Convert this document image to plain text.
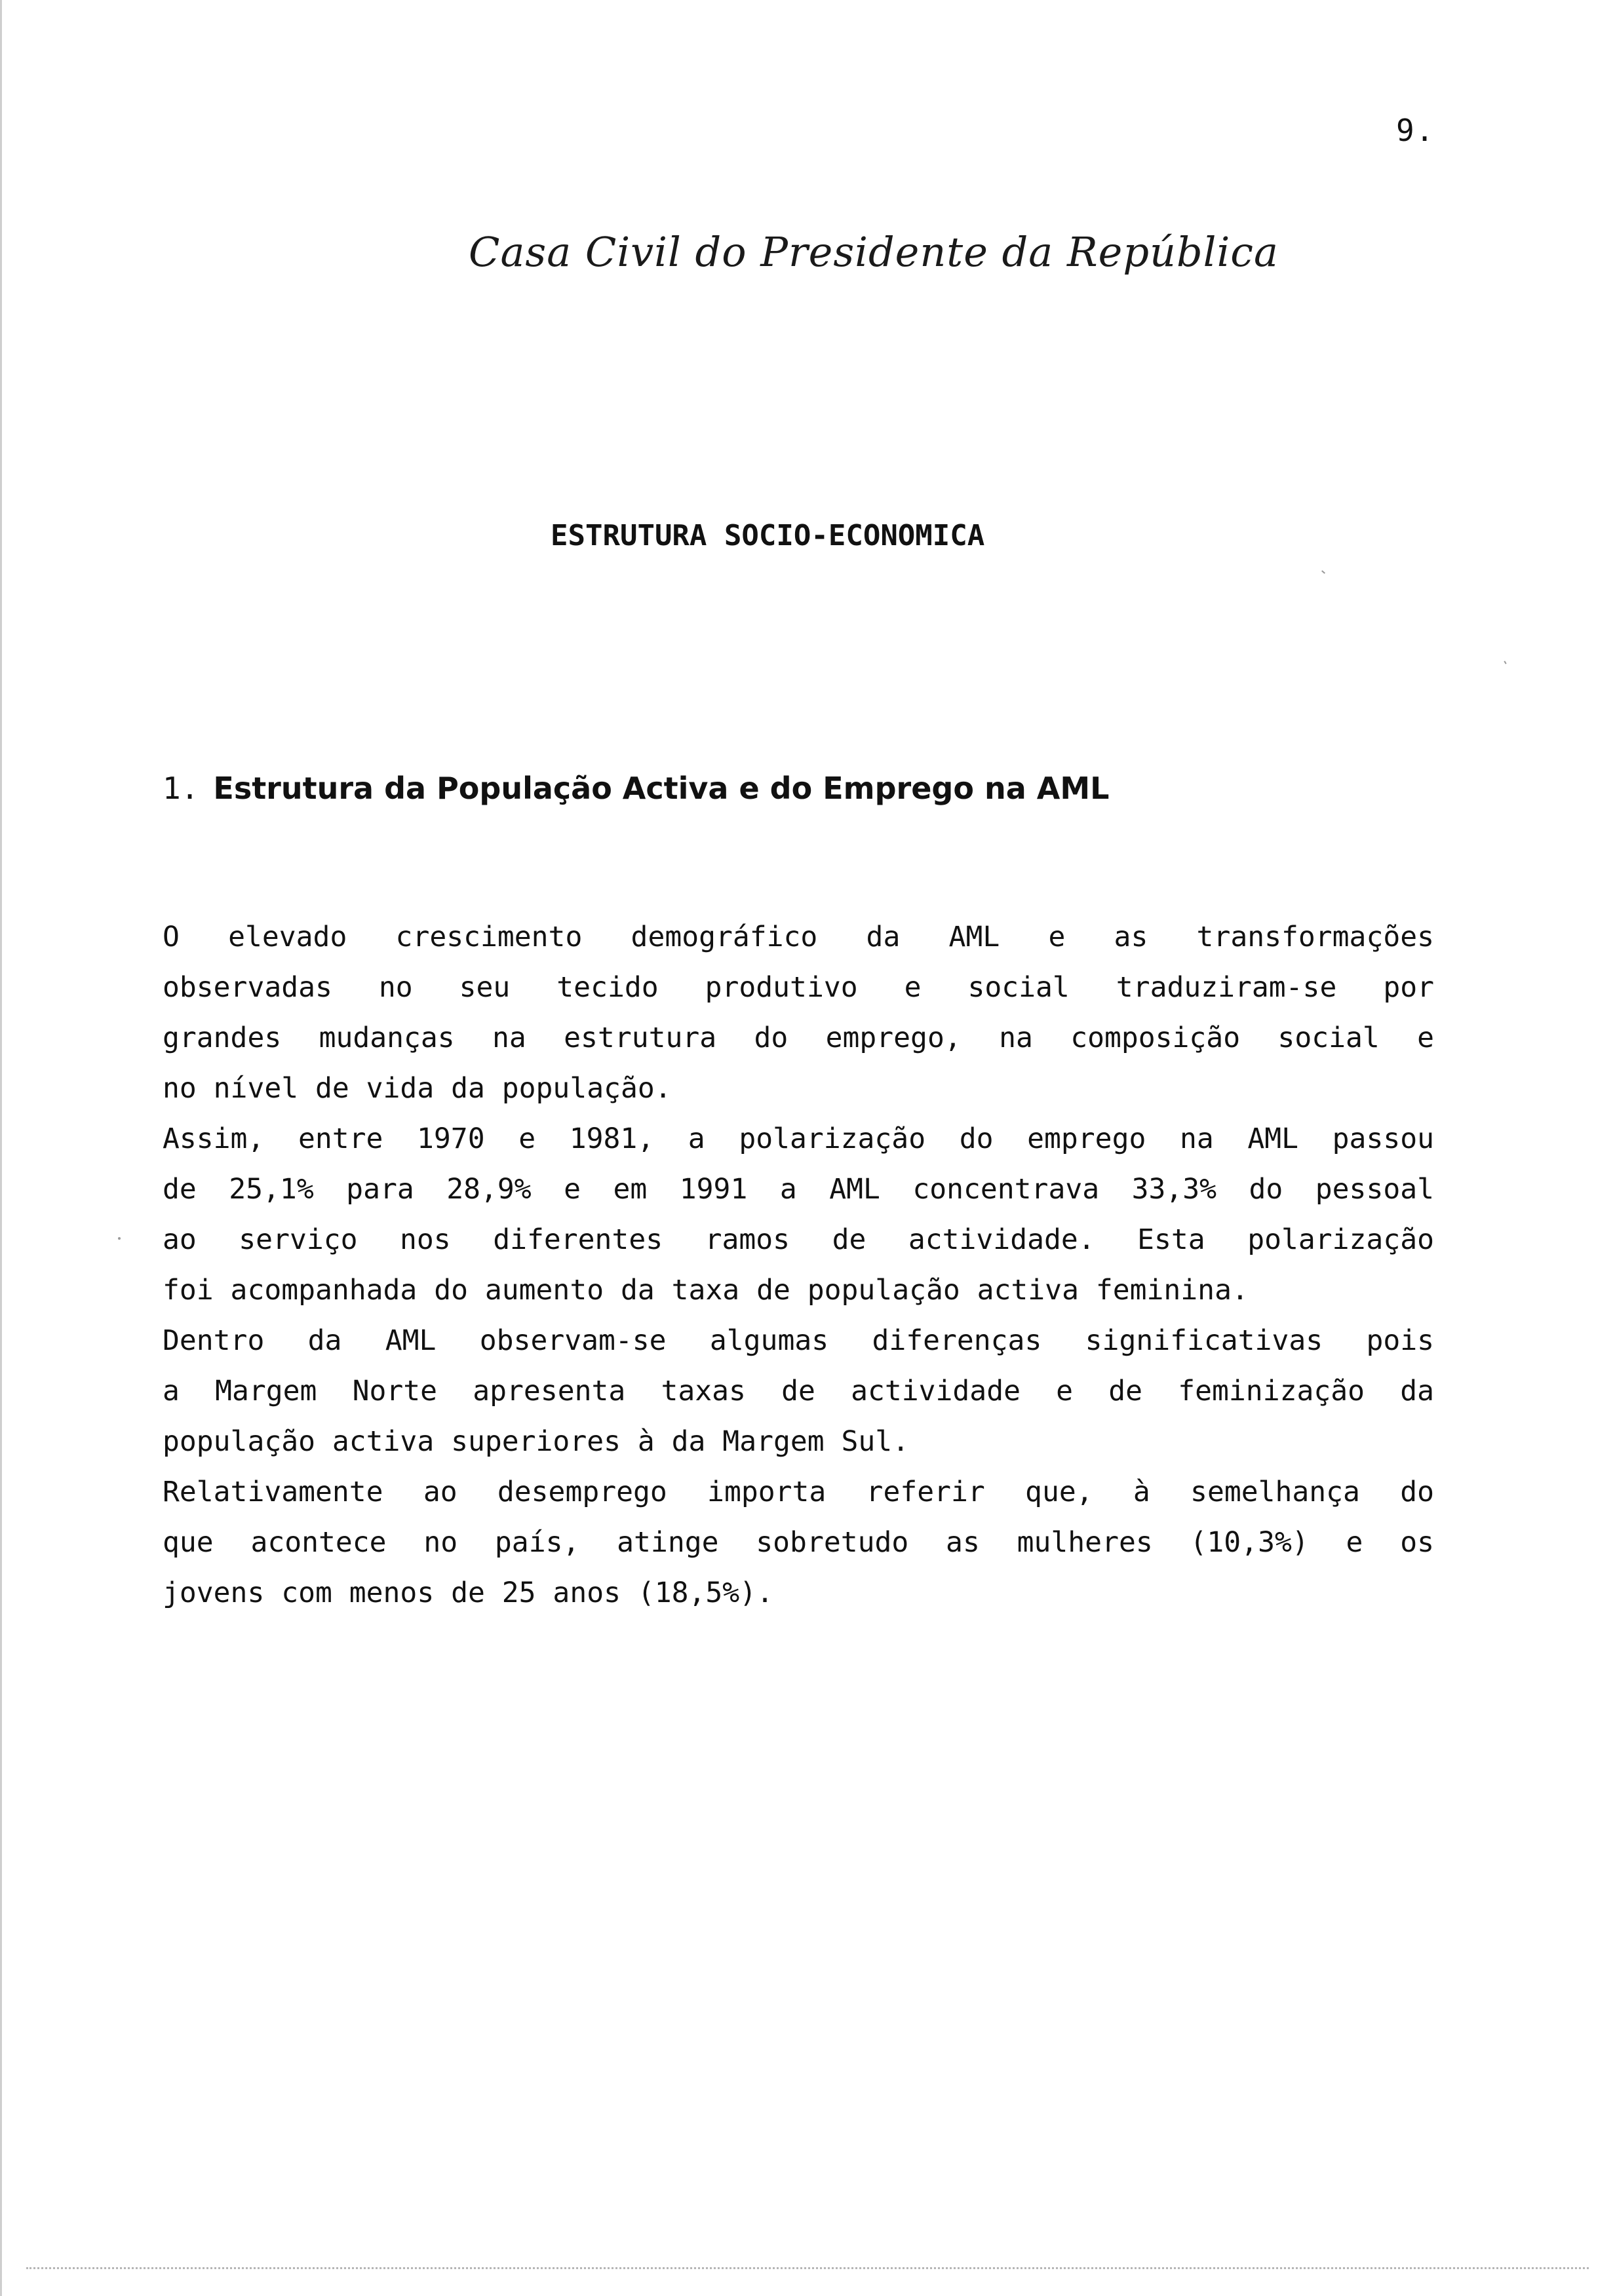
9.
Casa Civil do Presidente da República
ESTRUTURA SOCIO-ECONOMICA
1. Estrutura da População Activa e do Emprego na AML
O elevado crescimento demográfico da AML e as transformações
observadas no seu tecido produtivo e social traduziram-se por
grandes mudanças na estrutura do emprego, na composição social e
no nível de vida da população.
Assim, entre 1970 e 1981, a polarização do emprego na AML passou
de 25,1% para 28,9% e em 1991 a AML concentrava 33,3% do pessoal
ao serviço nos diferentes ramos de actividade. Esta polarização
foi acompanhada do aumento da taxa de população activa feminina.
Dentro da AML observam-se algumas diferenças significativas pois
a Margem Norte apresenta taxas de actividade e de feminização da
população activa superiores à da Margem Sul.
Relativamente ao desemprego importa referir que, à semelhança do
que acontece no país, atinge sobretudo as mulheres (10,3%) e os
jovens com menos de 25 anos (18,5%).
